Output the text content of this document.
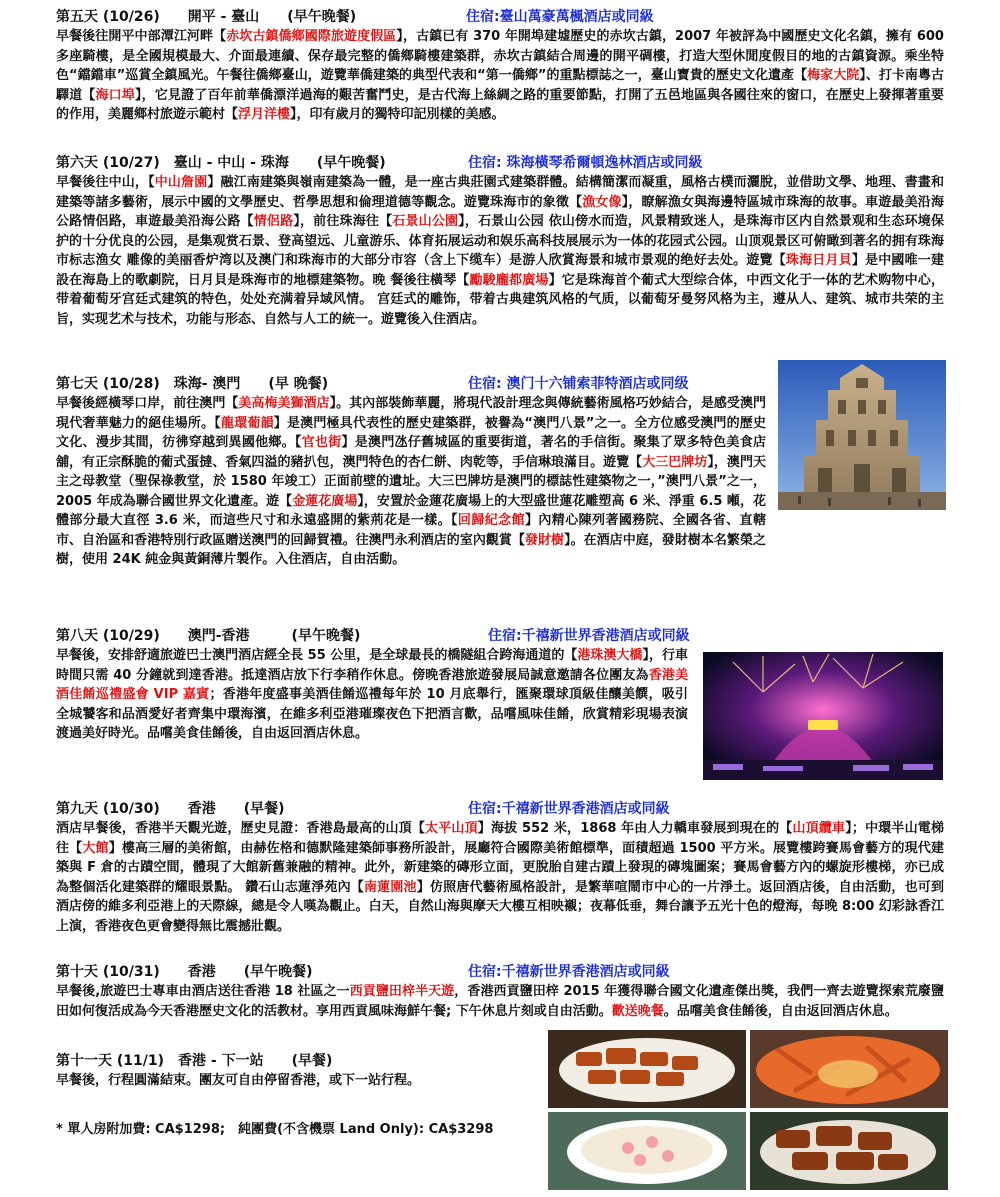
第五天 (10/26)　　開平 - 臺山　　(早午晚餐)	住宿:臺山萬豪萬楓酒店或同級
早餐後往開平中部潭江河畔【赤坎古鎮僑鄉國際旅遊度假區】，古鎮已有 370 年開埠建墟歷史的赤坎古鎮，2007 年被評為中國歷史文化名鎮，擁有 600 多座騎樓，是全國規模最大、介面最連續、保存最完整的僑鄉騎樓建築群，赤坎古鎮結合周邊的開平碉樓，打造大型休閒度假目的地的古鎮資源。乘坐特色“鐺鐺車”巡賞全鎮風光。午餐往僑鄉臺山，遊覽華僑建築的典型代表和“第一僑鄉”的重點標誌之一，臺山寶貴的歷史文化遺產【梅家大院】、打卡南粵古驛道【海口埠】，它見證了百年前華僑漂洋過海的艱苦奮鬥史，是古代海上絲綢之路的重要節點，打開了五邑地區與各國往來的窗口，在歷史上發揮著重要的作用，美麗鄉村旅遊示範村【浮月洋樓】，印有歲月的獨特印記別樣的美感。
第六天 (10/27)　臺山 - 中山 - 珠海　　(早午晚餐)	住宿: 珠海橫琴希爾頓逸林酒店或同級
早餐後往中山，【中山詹園】融江南建築與嶺南建築為一體，是一座古典莊園式建築群體。結構簡潔而凝重，風格古樸而灑脫，並借助文學、地理、書畫和建築等諸多藝術，展示中國的文學歷史、哲學思想和倫理道德等觀念。遊覽珠海市的象徵【漁女像】，瞭解漁女與海邊特區城市珠海的故事。車遊最美沿海公路情侶路，車遊最美沿海公路【情侶路】，前往珠海往【石景山公園】，石景山公园 依山傍水而造，风景精致迷人，是珠海市区内自然景观和生态环境保护的十分优良的公园，是集观赏石景、登高望远、儿童游乐、体育拓展运动和娱乐高科技展展示为一体的花园式公园。山顶观景区可俯瞰到著名的拥有珠海市标志渔女 雕像的美丽香炉湾以及澳门和珠海市的大部分市容（含上下缆车）是游人欣賞海景和城市景观的绝好去处。遊覽【珠海日月貝】是中國唯一建設在海島上的歌劇院，日月貝是珠海市的地標建築物。晚 餐後往橫琴【勵駿龐都廣場】它是珠海首个葡式大型综合体，中西文化于一体的艺术购物中心，带着葡萄牙宫廷式建筑的特色，处处充满着异域风情。 宫廷式的雕饰，带着古典建筑风格的气质，以葡萄牙曼努风格为主，遵从人、建筑、城市共荣的主旨，实现艺术与技术，功能与形态、自然与人工的統一。遊覽後入住酒店。
第七天 (10/28)　珠海- 澳門　　(早 晚餐)	住宿: 澳门十六铺索菲特酒店或同级
早餐後經橫琴口岸，前往澳門【美高梅美獅酒店】。其內部裝飾華麗，將現代設計理念與傳統藝術風格巧妙結合，是感受澳門現代奢華魅力的絕佳場所。【龍環葡韻】是澳門極具代表性的歷史建築群，被譽為“澳門八景”之一。全方位感受澳門的歷史文化、漫步其間，彷彿穿越到異國他鄉。【官也街】是澳門氹仔舊城區的重要街道，著名的手信街。聚集了眾多特色美食店舖，有正宗酥脆的葡式蛋撻、香氣四溢的豬扒包，澳門特色的杏仁餅、肉乾等，手信琳琅滿目。遊覽【大三巴牌坊】，澳門天主之母教堂（聖保祿教堂，於 1580 年竣工）正面前壁的遺址。大三巴牌坊是澳門的標誌性建築物之一，”澳門八景”之一，2005 年成為聯合國世界文化遺產。遊【金蓮花廣場】，安置於金蓮花廣場上的大型盛世蓮花雕塑高 6 米、淨重 6.5 噸，花體部分最大直徑 3.6 米，而這些尺寸和永遠盛開的紫荊花是一樣。【回歸紀念館】內精心陳列著國務院、全國各省、直轄市、自治區和香港特別行政區贈送澳門的回歸賀禮。往澳門永利酒店的室內觀賞【發財樹】。在酒店中庭，發財樹本名繁榮之樹，使用 24K 純金與黃銅薄片製作。入住酒店，自由活動。
第八天 (10/29)　　澳門-香港　　　(早午晚餐)	住宿:千禧新世界香港酒店或同級
早餐後，安排舒適旅遊巴士澳門酒店經全長 55 公里，是全球最長的橋隧組合跨海通道的【港珠澳大橋】，行車時間只需 40 分鐘就到達香港。抵達酒店放下行李稍作休息。傍晚香港旅遊發展局誠意邀請各位團友為香港美酒佳餚巡禮盛會 VIP 嘉賓；香港年度盛事美酒佳餚巡禮每年於 10 月底舉行，匯聚環球頂級佳釀美饌，吸引全城饕客和品酒愛好者齊集中環海濱，在維多利亞港璀璨夜色下把酒言歡，品嚐風味佳餚，欣賞精彩現場表演渡過美好時光。品嚐美食佳餚後，自由返回酒店休息。
第九天 (10/30)　　香港　　(早餐)	住宿:千禧新世界香港酒店或同級
酒店早餐後，香港半天觀光遊，歷史見證：香港島最高的山頂【太平山頂】海拔 552 米，1868 年由人力轎車發展到現在的【山頂纜車】；中環半山電梯往【大館】樓高三層的美術館，由赫佐格和德默隆建築師事務所設計，展廳符合國際美術館標準，面積超過 1500 平方米。展覽樓跨賽馬會藝方的現代建築與 F 倉的古蹟空間，體現了大館新舊兼融的精神。此外，新建築的磚形立面，更脫胎自建古蹟上發現的磚塊圖案；賽馬會藝方內的螺旋形樓梯，亦已成為整個活化建築群的耀眼景點。 鑽石山志蓮淨苑內【南蓮園池】仿照唐代藝術風格設計，是繁華喧鬧市中心的一片淨土。返回酒店後，自由活動，也可到酒店傍的維多利亞港上的天際線，總是令人嘆為觀止。白天，自然山海與摩天大樓互相映襯；夜幕低垂，舞台讓予五光十色的燈海，每晚 8:00 幻彩詠香江上演，香港夜色更會變得無比震撼壯觀。
第十天 (10/31)　　香港　　(早午晚餐)	住宿:千禧新世界香港酒店或同級
早餐後,旅遊巴士專車由酒店送往香港 18 社區之一西貢鹽田梓半天遊，香港西貢鹽田梓 2015 年獲得聯合國文化遺產傑出獎，我們一齊去遊覽探索荒廢鹽田如何復活成為今天香港歷史文化的活教材。享用西貢風味海鮮午餐; 下午休息片刻或自由活動。歡送晚餐。品嚐美食佳餚後，自由返回酒店休息。
第十一天 (11/1)　香港 - 下一站　　(早餐)
早餐後，行程圓滿結束。團友可自由停留香港，或下一站行程。
* 單人房附加費: CA$1298;　純團費(不含機票 Land Only): CA$3298
